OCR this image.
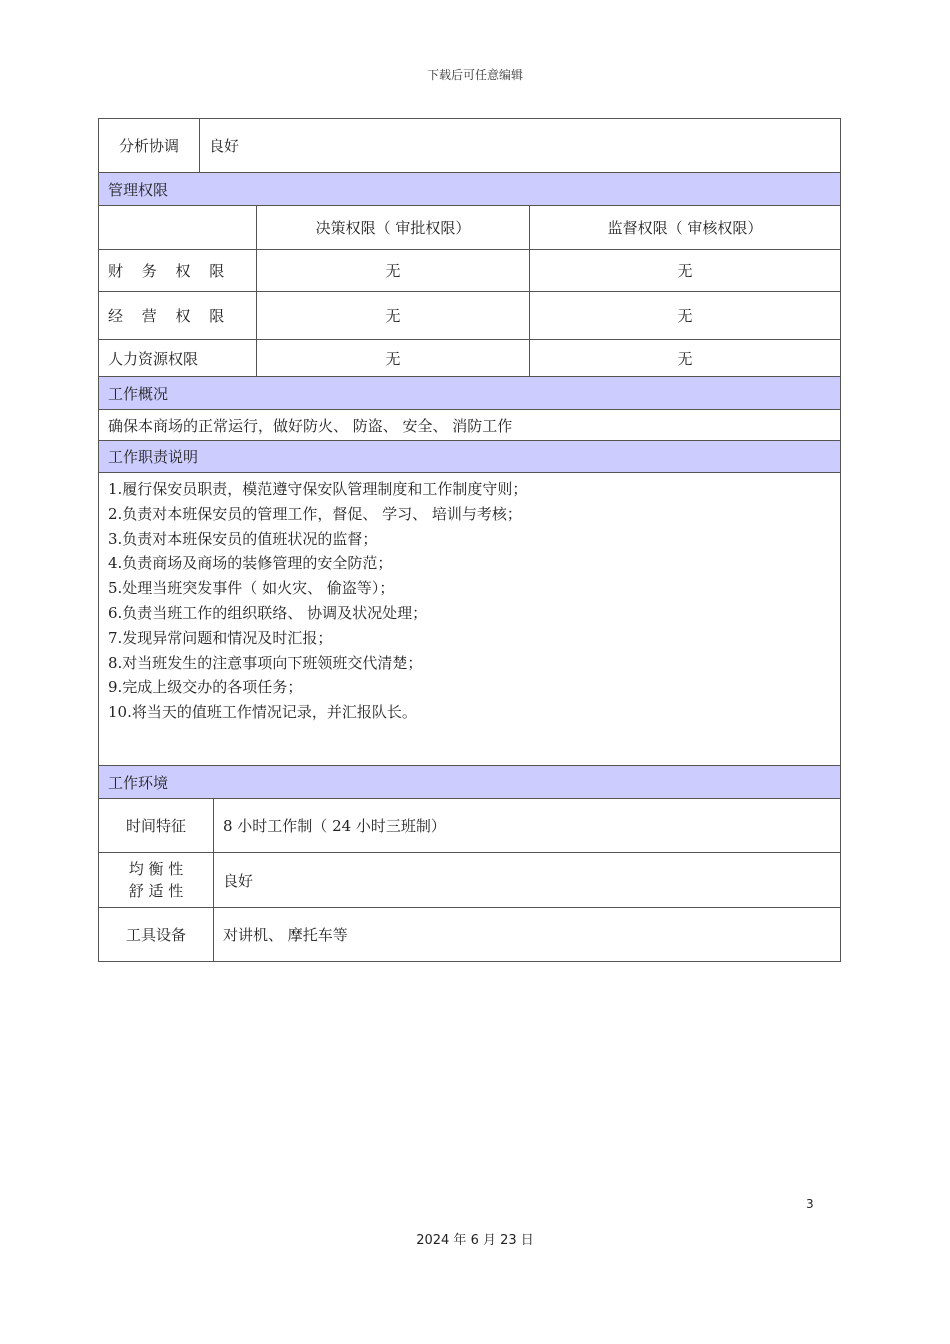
下载后可任意编辑
分析协调	良好
管理权限		
	决策权限（ 审批权限）	监督权限（ 审核权限）
财 务 权 限	无	无
经 营 权 限	无	无
人力资源权限	无	无
工作概况
确保本商场的正常运行，做好防火、 防盗、 安全、 消防工作
工作职责说明

1.履行保安员职责，模范遵守保安队管理制度和工作制度守则；
2.负责对本班保安员的管理工作，督促、 学习、 培训与考核；
3.负责对本班保安员的值班状况的监督；
4.负责商场及商场的装修管理的安全防范；
5.处理当班突发事件（ 如火灾、 偷盗等）；
6.负责当班工作的组织联络、 协调及状况处理；
7.发现异常问题和情况及时汇报；
8.对当班发生的注意事项向下班领班交代清楚；
9.完成上级交办的各项任务；
10.将当天的值班工作情况记录，并汇报队长。
工作环境	
时间特征	8 小时工作制（ 24 小时三班制）

均 衡 性
舒 适 性	良好
工具设备	对讲机、 摩托车等
3
2024 年 6 月 23 日
